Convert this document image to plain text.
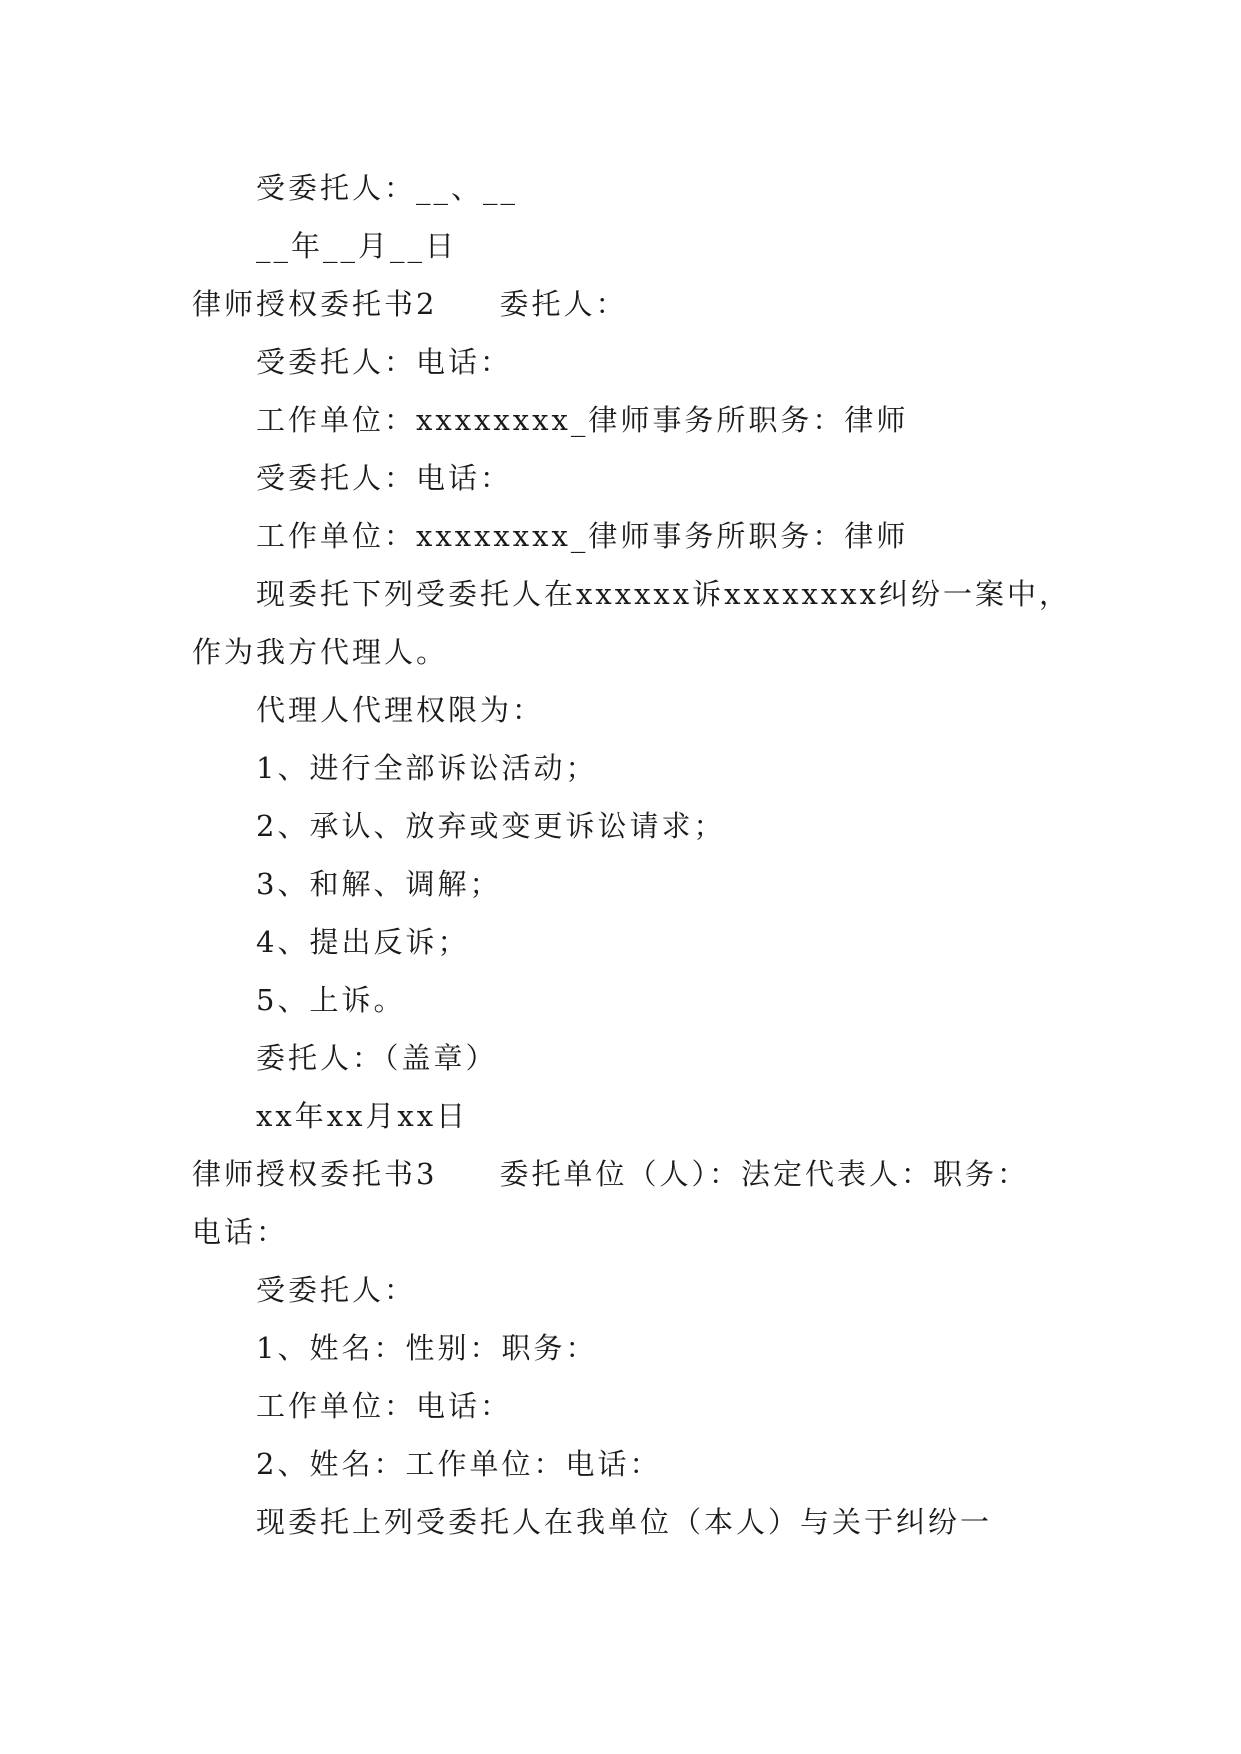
受委托人：__、__
__年__月__日
律师授权委托书2 委托人：
受委托人：电话：
工作单位：xxxxxxxx_律师事务所职务：律师
受委托人：电话：
工作单位：xxxxxxxx_律师事务所职务：律师
现委托下列受委托人在xxxxxx诉xxxxxxxx纠纷一案中，
作为我方代理人。
代理人代理权限为：
1、进行全部诉讼活动；
2、承认、放弃或变更诉讼请求；
3、和解、调解；
4、提出反诉；
5、上诉。
委托人：（盖章）
xx年xx月xx日
律师授权委托书3 委托单位（人）：法定代表人：职务：
电话：
受委托人：
1、姓名：性别：职务：
工作单位：电话：
2、姓名：工作单位：电话：
现委托上列受委托人在我单位（本人）与关于纠纷一
